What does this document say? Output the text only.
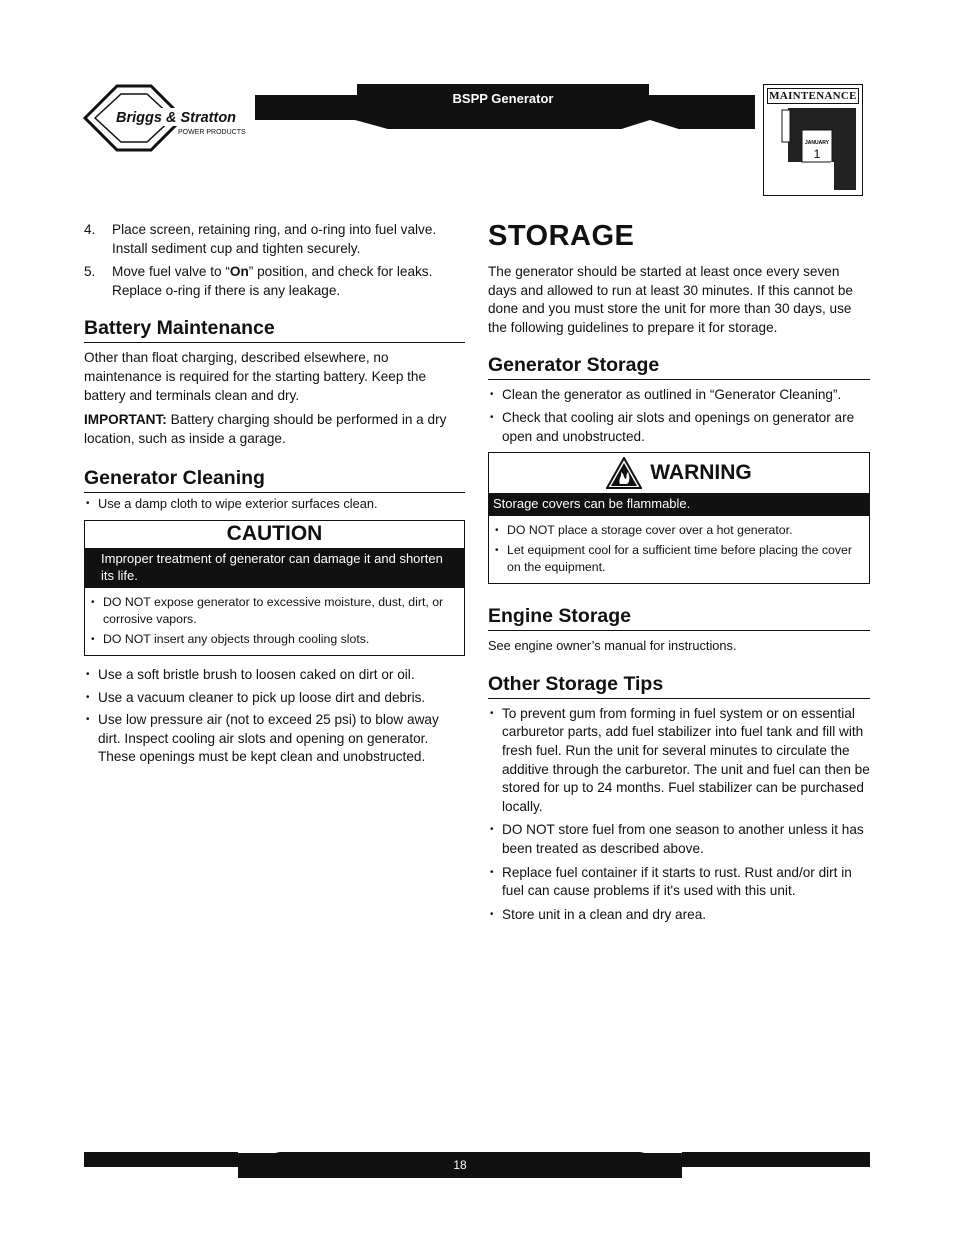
Briggs & Stratton
POWER PRODUCTS
BSPP Generator	MAINTENANCE
JANUARY
1
4. Place screen, retaining ring, and o-ring into fuel valve. Install sediment cup and tighten securely.
5. Move fuel valve to “On” position, and check for leaks. Replace o-ring if there is any leakage.
Battery Maintenance

Other than float charging, described elsewhere, no maintenance is required for the starting battery. Keep the battery and terminals clean and dry.

IMPORTANT: Battery charging should be performed in a dry location, such as inside a garage.

Generator Cleaning
• Use a damp cloth to wipe exterior surfaces clean.
CAUTION
Improper treatment of generator can damage it and shorten its life.
• DO NOT expose generator to excessive moisture, dust, dirt, or corrosive vapors.
• DO NOT insert any objects through cooling slots.
• Use a soft bristle brush to loosen caked on dirt or oil.
• Use a vacuum cleaner to pick up loose dirt and debris.
• Use low pressure air (not to exceed 25 psi) to blow away dirt. Inspect cooling air slots and opening on generator. These openings must be kept clean and unobstructed.
STORAGE

The generator should be started at least once every seven days and allowed to run at least 30 minutes. If this cannot be done and you must store the unit for more than 30 days, use the following guidelines to prepare it for storage.

Generator Storage
• Clean the generator as outlined in “Generator Cleaning”.
• Check that cooling air slots and openings on generator are open and unobstructed.
WARNING
Storage covers can be flammable.
• DO NOT place a storage cover over a hot generator.
• Let equipment cool for a sufficient time before placing the cover on the equipment.
Engine Storage

See engine owner’s manual for instructions.

Other Storage Tips
• To prevent gum from forming in fuel system or on essential carburetor parts, add fuel stabilizer into fuel tank and fill with fresh fuel. Run the unit for several minutes to circulate the additive through the carburetor. The unit and fuel can then be stored for up to 24 months. Fuel stabilizer can be purchased locally.
• DO NOT store fuel from one season to another unless it has been treated as described above.
• Replace fuel container if it starts to rust. Rust and/or dirt in fuel can cause problems if it's used with this unit.
• Store unit in a clean and dry area.
18
